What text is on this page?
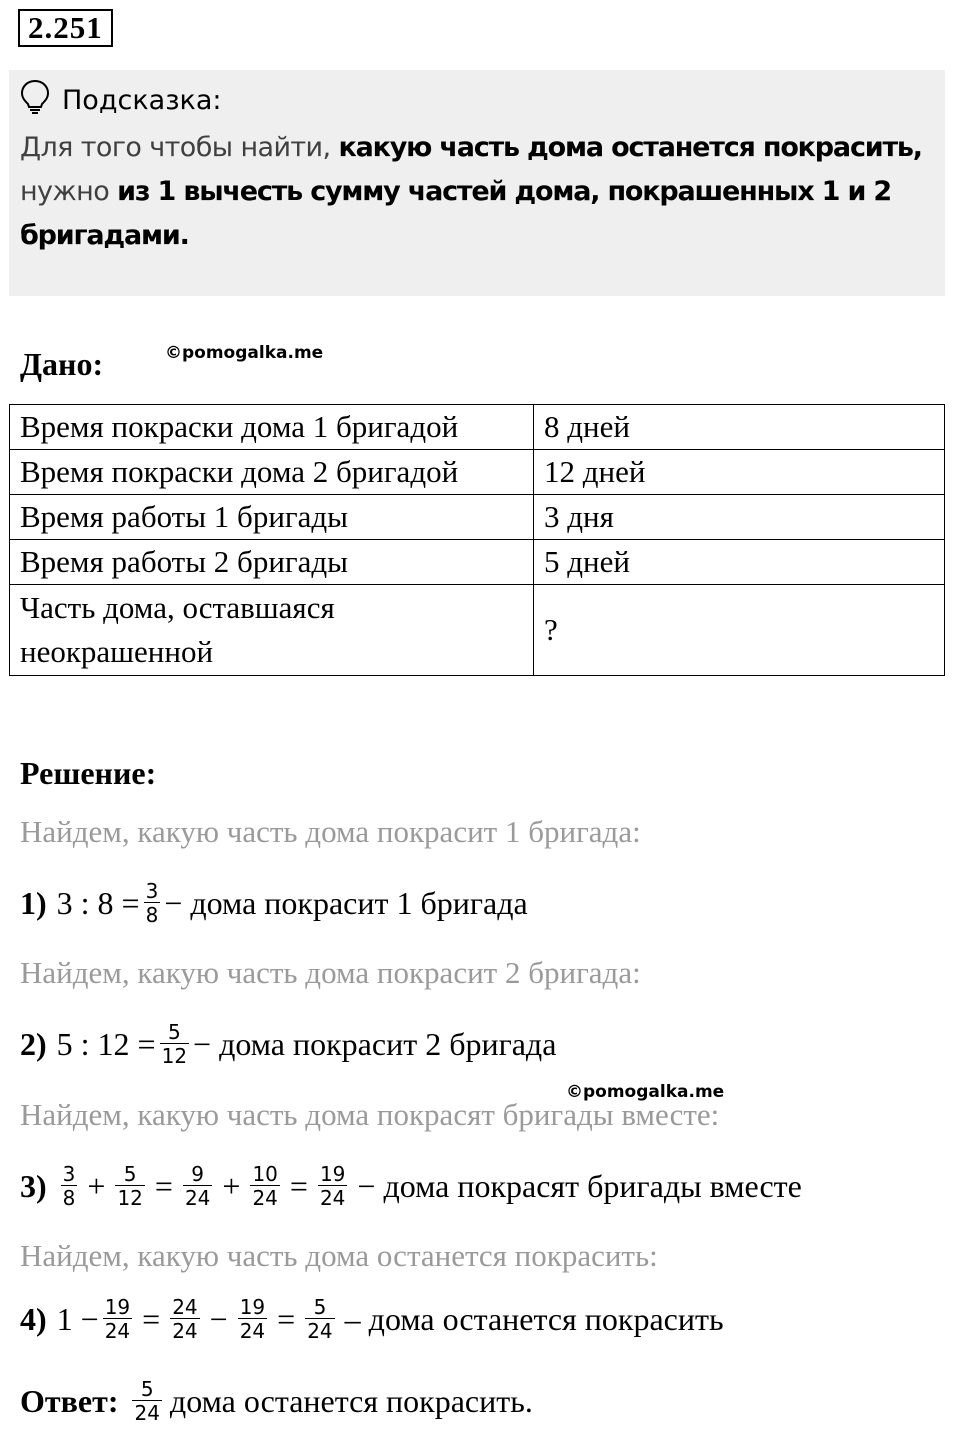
2.251
Подсказка:
Для того чтобы найти, какую часть дома останется покрасить, нужно из 1 вычесть сумму частей дома, покрашенных 1 и 2 бригадами.
Дано:	©pomogalka.me
Время покраски дома 1 бригадой	8 дней
Время покраски дома 2 бригадой	12 дней
Время работы 1 бригады	3 дня
Время работы 2 бригады	5 дней
Часть дома, оставшаяся неокрашенной	?
Решение:
Найдем, какую часть дома покрасит 1 бригада:
1) 3 : $8 = \frac{3}{8}$ − дома покрасит 1 бригада
Найдем, какую часть дома покрасит 2 бригада:
2) 5 : $12 = \frac{5}{12}$ − дома покрасит 2 бригада
©pomogalka.me
Найдем, какую часть дома покрасят бригады вместе:
$3) \frac{3}{8} + \frac{5}{12} = \frac{9}{24} + \frac{10}{24} = \frac{19}{24}$ − дома покрасят бригады вместе
Найдем, какую часть дома останется покрасить:
4) $1 - \frac{19}{24} = \frac{24}{24} - \frac{19}{24} = \frac{5}{24}$ – дома останется покрасить
Ответ: $\frac{5}{24}$ дома останется покрасить.
